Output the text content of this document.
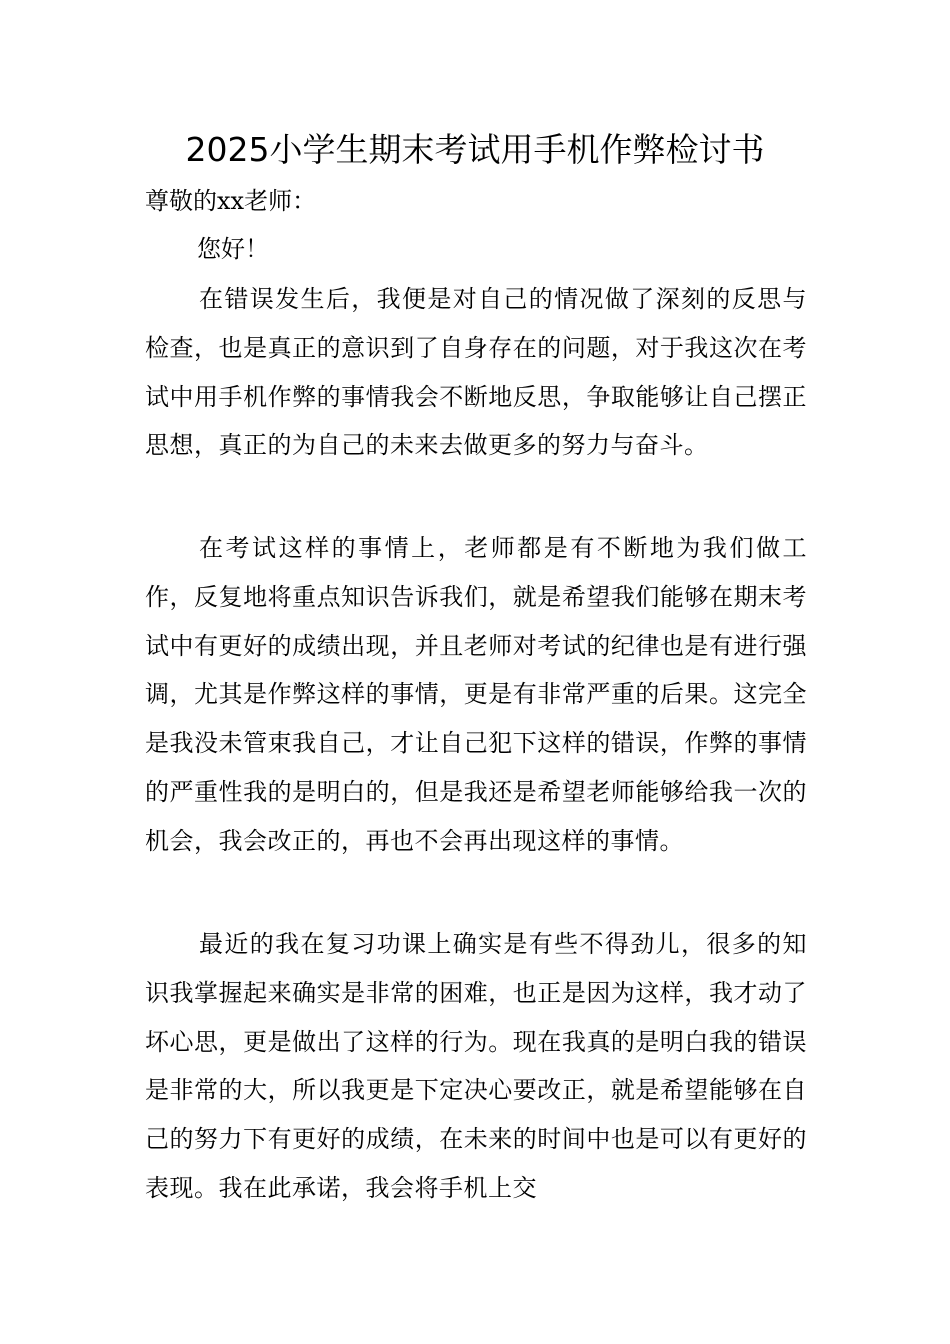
2025小学生期末考试用手机作弊检讨书

尊敬的xx老师：

您好！

在错误发生后，我便是对自己的情况做了深刻的反思与检查，也是真正的意识到了自身存在的问题，对于我这次在考试中用手机作弊的事情我会不断地反思，争取能够让自己摆正思想，真正的为自己的未来去做更多的努力与奋斗。

在考试这样的事情上，老师都是有不断地为我们做工作，反复地将重点知识告诉我们，就是希望我们能够在期末考试中有更好的成绩出现，并且老师对考试的纪律也是有进行强调，尤其是作弊这样的事情，更是有非常严重的后果。这完全是我没未管束我自己，才让自己犯下这样的错误，作弊的事情的严重性我的是明白的，但是我还是希望老师能够给我一次的机会，我会改正的，再也不会再出现这样的事情。

最近的我在复习功课上确实是有些不得劲儿，很多的知识我掌握起来确实是非常的困难，也正是因为这样，我才动了坏心思，更是做出了这样的行为。现在我真的是明白我的错误是非常的大，所以我更是下定决心要改正，就是希望能够在自己的努力下有更好的成绩，在未来的时间中也是可以有更好的表现。我在此承诺，我会将手机上交
